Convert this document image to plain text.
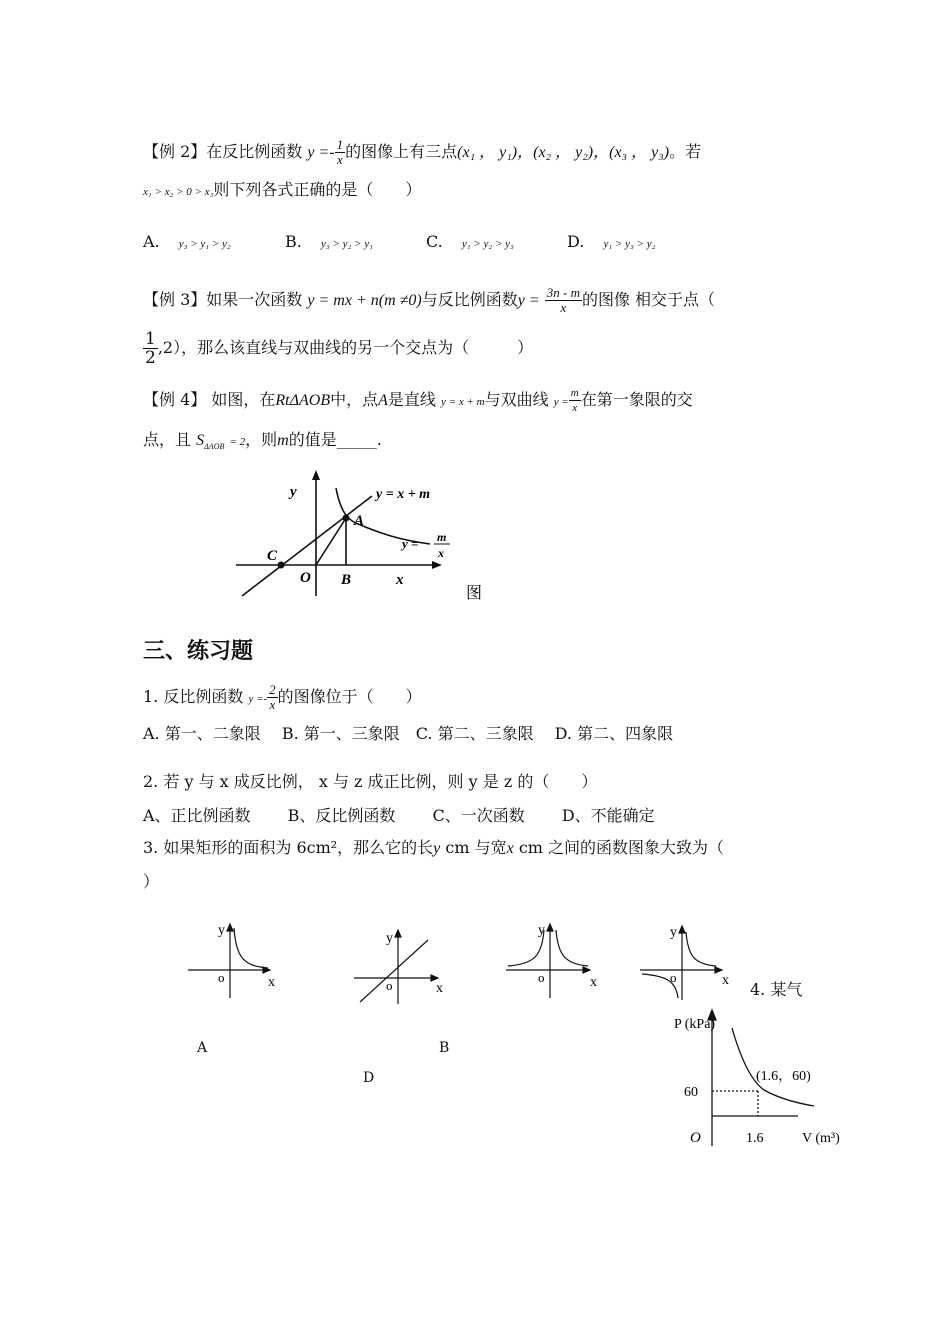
【例 2】在反比例函数 $y =- \frac{1}{x}$ 的图像上有三点(x₁ ， y₁)，(x₂ ， y₂)，(x₃ ， y₃)。若
x₁ > x₂ > 0 > x₃则下列各式正确的是（　　）
A. y₃ > y₁ > y₂	B. y₃ > y₂ > y₁	C. y₁ > y₂ > y₃	D. y₁ > y₃ > y₂
【例 3】如果一次函数 y = mx + n(m ≠0)与反比例函数$y = \frac{3n - m}{x}$ 的图像 相交于点（
$\frac{1}{2} ,2$），那么该直线与双曲线的另一个交点为（　　　）
【例 4】 如图，在RtΔAOB中，点A是直线 y = x + m与双曲线 $y = \frac{m}{x}$ 在第一象限的交
点，且 $S_{\Delta AOB} = 2$，则m的值是_____.
y	y = x + m
A
y = m
x
C
O B	x
图
三、练习题
1. 反比例函数 $y =- \frac{2}{x}$ 的图像位于（　　）
A. 第一、二象限　 B. 第一、三象限　C. 第二、三象限　 D. 第二、四象限
2. 若 y 与 x 成反比例， x 与 z 成正比例，则 y 是 z 的（　　）
A、正比例函数　　 B、反比例函数　　 C、一次函数　　 D、不能确定
3. 如果矩形的面积为 6cm²，那么它的长y cm 与宽x cm 之间的函数图象大致为（
）
y
o	x
y
o	x
y
o	x
y
o	x
A	B
D
4. 某气
P (kPa)
(1.6，60)
60
O	1.6	V (m³)
